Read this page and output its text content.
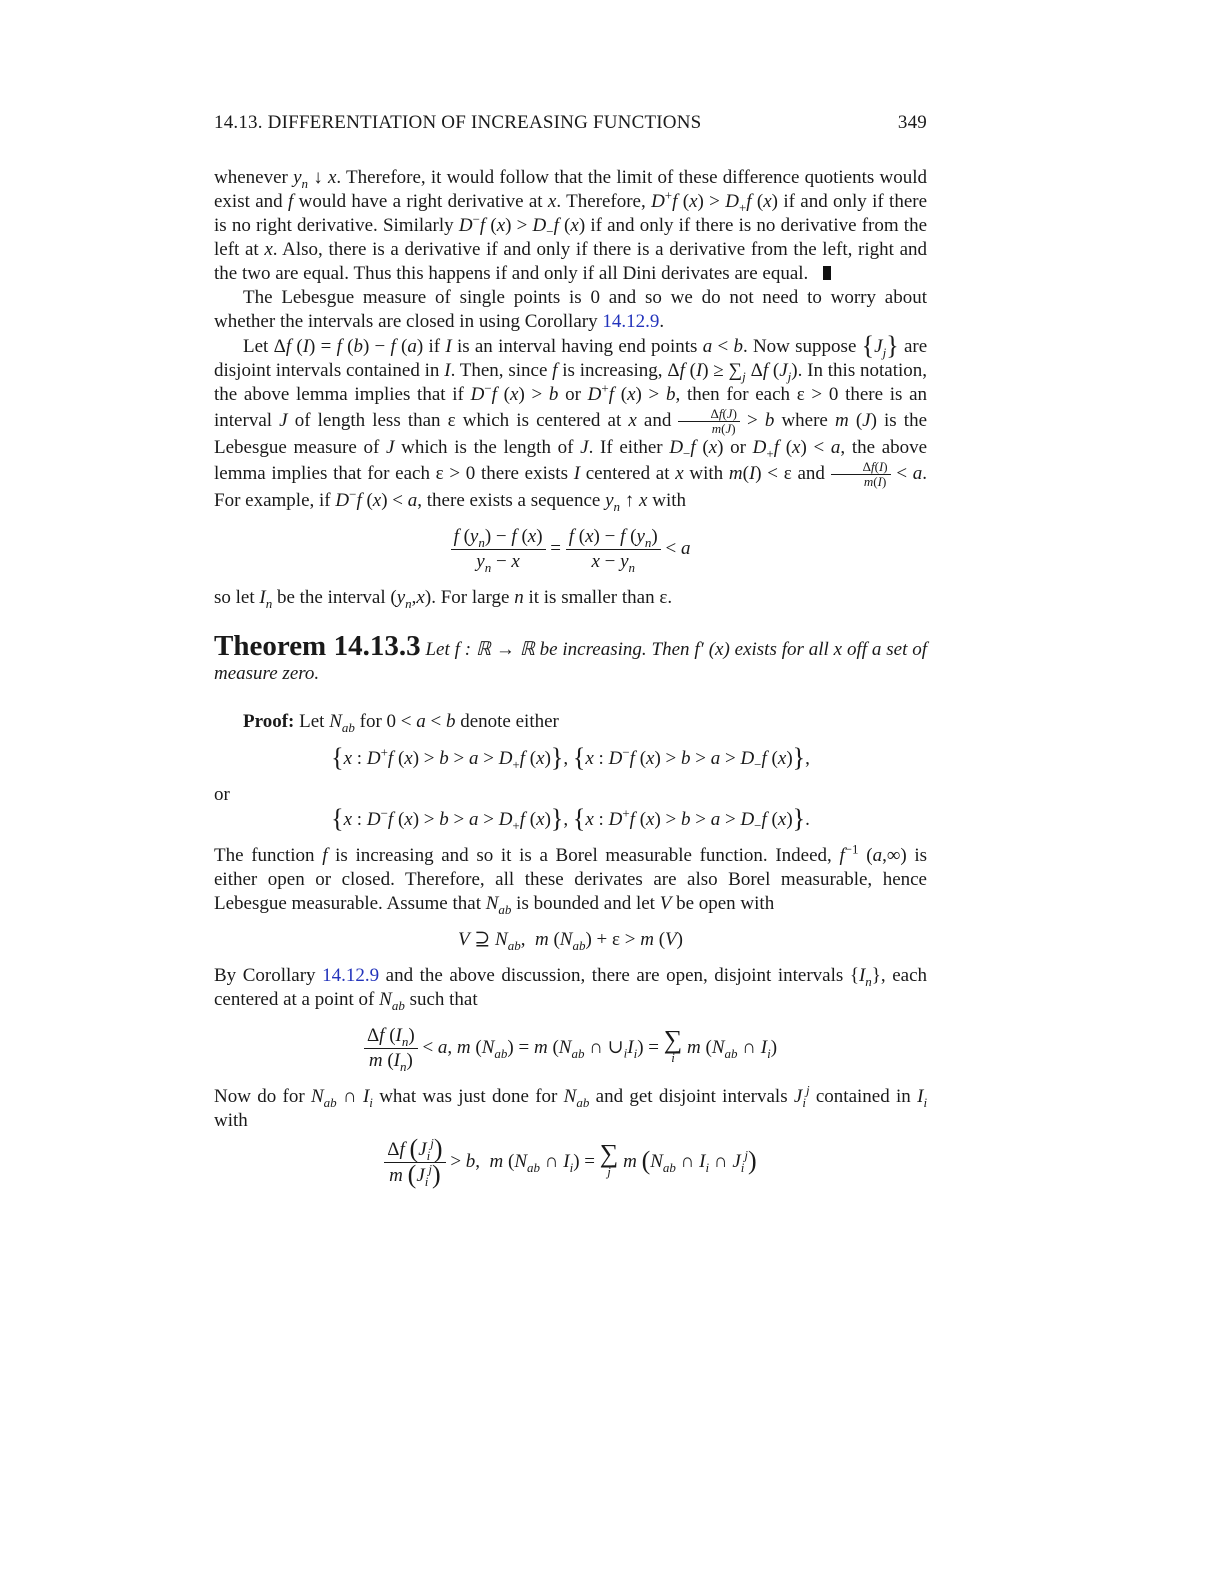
14.13. DIFFERENTIATION OF INCREASING FUNCTIONS	349

whenever $y_n$ ↓ x. Therefore, it would follow that the limit of these difference quotients would exist and f would have a right derivative at x. Therefore, D+f $(x) > D_+f$ (x) if and only if there is no right derivative. Similarly D−f $(x) > D_-f$ (x) if and only if there is no derivative from the left at x. Also, there is a derivative if and only if there is a derivative from the left, right and the two are equal. Thus this happens if and only if all Dini derivates are equal.

The Lebesgue measure of single points is 0 and so we do not need to worry about whether the intervals are closed in using Corollary 14.12.9.

Let Δf (I) = f (b) − f (a) if I is an interval having end points a < b. Now suppose $\{J_j\}$ are disjoint intervals contained in I. Then, since f is increasing, Δf $(I) \ge \sum_j$ Δf $(J_j)$. In this notation, the above lemma implies that if D−f (x) > b or D+f (x) > b, then for each ε > 0 there is an interval J of length less than ε which is centered at x and $\frac{\Delta f(J)}{m(J)} > b$ where m (J) is the Lebesgue measure of J which is the length of J. If either $D_-f$ (x) or $D_+f$ (x) < a, the above lemma implies that for each ε > 0 there exists I centered at x with m(I) < ε and $\frac{\Delta f(I)}{m(I)} < a$. For example, if D−f (x) < a, there exists a sequence $y_n$ ↑ x with

$\frac{f (y_n) - f (x)}{y_n - x} = \frac{f (x) - f (y_n)}{x - y_n} < a$

so let $I_n$ be the interval $(y_n,x)$. For large n it is smaller than ε.

Theorem 14.13.3 Let f : ℝ → ℝ be increasing. Then f′ (x) exists for all x off a set of measure zero.

Proof: Let $N_{ab}$ for 0 < a < b denote either

{x : D+f $(x) > b > a > D_+f$ (x)}, {x : D−f $(x) > b > a > D_-f$ (x)},

or

{x : D−f $(x) > b > a > D_+f$ (x)}, {x : D+f $(x) > b > a > D_-f$ (x)}.

The function f is increasing and so it is a Borel measurable function. Indeed, $f^{-1}$ (a,∞) is either open or closed. Therefore, all these derivates are also Borel measurable, hence Lebesgue measurable. Assume that $N_{ab}$ is bounded and let V be open with

V ⊇ $N_{ab}$,  m $(N_{ab}) + \varepsilon > m$ (V)

By Corollary 14.12.9 and the above discussion, there are open, disjoint intervals $\{I_n\}$, each centered at a point of $N_{ab}$ such that

$\frac{\Delta f (I_n)}{m (I_n)} < a$, m $(N_{ab}) = m$ ($N_{ab}$ ∩ $\cup_iI_i$) = ∑
i m ($N_{ab}$ ∩ $I_i$)

Now do for $N_{ab}$ ∩ $I_i$ what was just done for $N_{ab}$ and get disjoint intervals $J_i^j$ contained in $I_i$ with

$\frac{\Delta f (J_i^j)}{m (J_i^j)} > b$,  m ($N_{ab}$ ∩ $I_i$) = ∑
j m ($N_{ab}$ ∩ $I_i$ ∩ $J_i^j$)
